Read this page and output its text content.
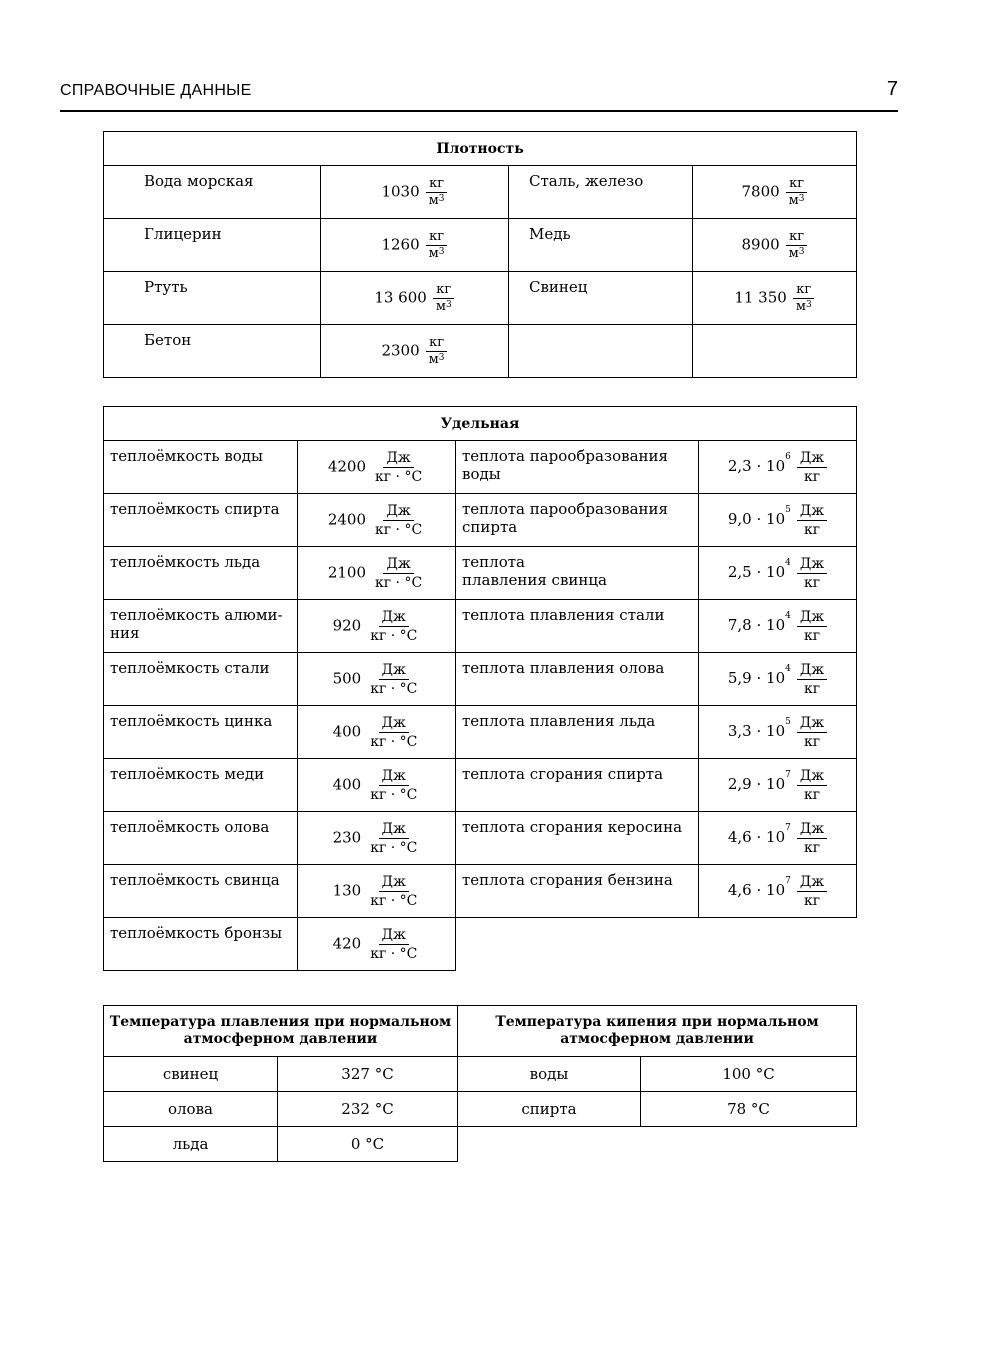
СПРАВОЧНЫЕ ДАННЫЕ	7
Плотность			
Вода морская	1030 кг
$м^3$	Сталь, железо	7800 кг
$м^3$

Глицерин	1260 кг
$м^3$	Медь	8900 кг
$м^3$

Ртуть	13 600 кг
$м^3$	Свинец	11 350 кг
$м^3$

Бетон	2300 кг
$м^3$

Удельная			
теплоёмкость воды	4200 Дж
кг · °С	теплота парообразования
воды	$2,3 \cdot 10^6$ Дж
кг

теплоёмкость спирта	2400 Дж
кг · °С	теплота парообразования
спирта	$9,0 \cdot 10^5$ Дж
кг

теплоёмкость льда	2100 Дж
кг · °С	теплота
плавления свинца	$2,5 \cdot 10^4$ Дж
кг

теплоёмкость алюми-
ния	920 Дж
кг · °С	теплота плавления стали	$7,8 \cdot 10^4$ Дж
кг

теплоёмкость стали	500 Дж
кг · °С	теплота плавления олова	$5,9 \cdot 10^4$ Дж
кг

теплоёмкость цинка	400 Дж
кг · °С	теплота плавления льда	$3,3 \cdot 10^5$ Дж
кг

теплоёмкость меди	400 Дж
кг · °С	теплота сгорания спирта	$2,9 \cdot 10^7$ Дж
кг

теплоёмкость олова	230 Дж
кг · °С	теплота сгорания керосина	$4,6 \cdot 10^7$ Дж
кг

теплоёмкость свинца	130 Дж
кг · °С	теплота сгорания бензина	$4,6 \cdot 10^7$ Дж
кг

теплоёмкость бронзы	420 Дж
кг · °С		

Температура плавления при нормальном
атмосферном давлении		Температура кипения при нормальном
атмосферном давлении	
свинец	327 °С	воды	100 °С
олова	232 °С	спирта	78 °С
льда	0 °С		
